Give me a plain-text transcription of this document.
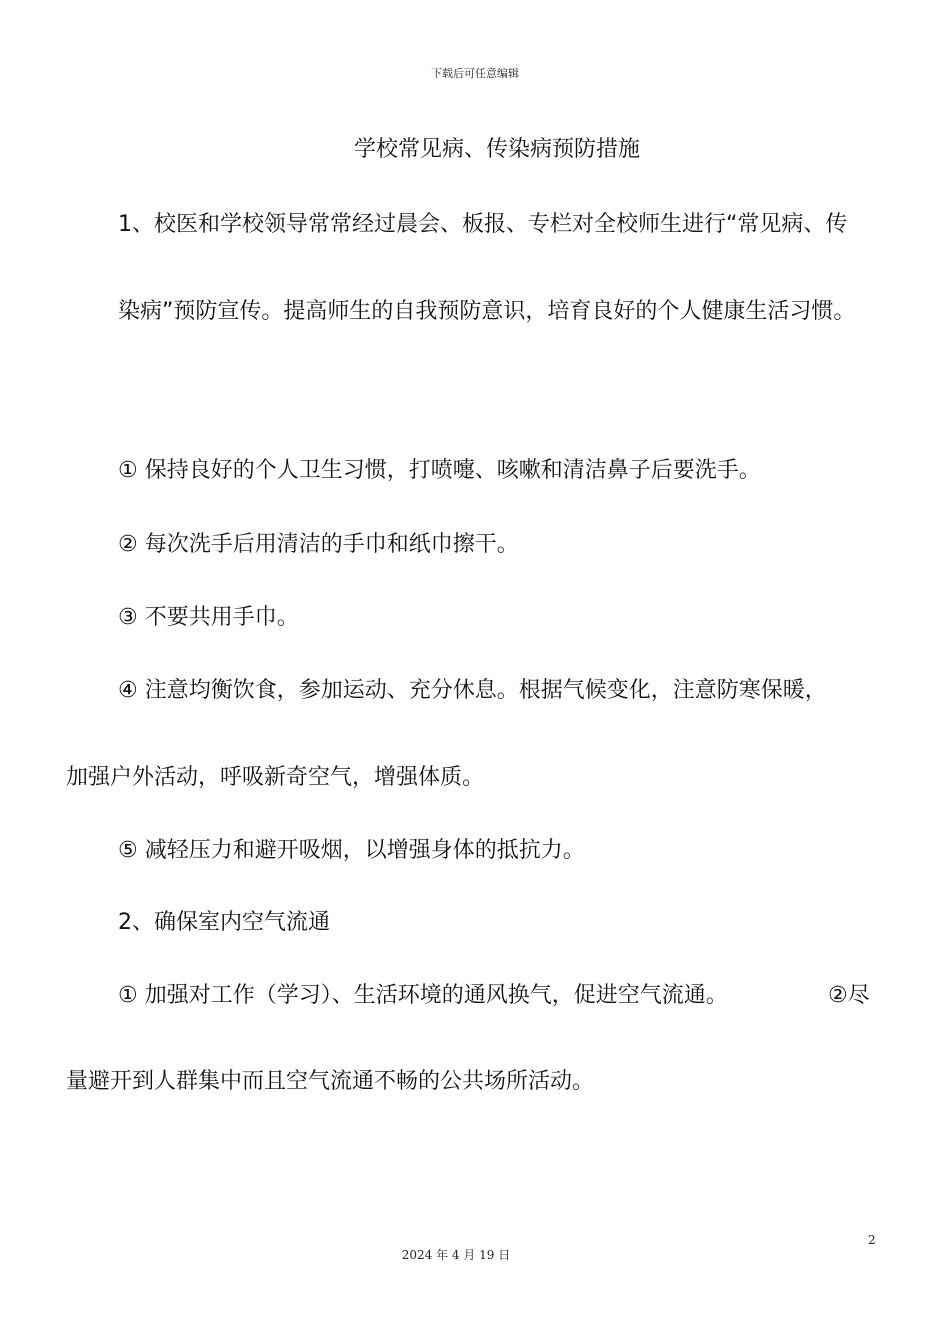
下载后可任意编辑
学校常见病、传染病预防措施
1、校医和学校领导常常经过晨会、板报、专栏对全校师生进行“常见病、传
染病”预防宣传。提高师生的自我预防意识，培育良好的个人健康生活习惯。
① 保持良好的个人卫生习惯，打喷嚏、咳嗽和清洁鼻子后要洗手。
② 每次洗手后用清洁的手巾和纸巾擦干。
③ 不要共用手巾。
④ 注意均衡饮食，参加运动、充分休息。根据气候变化，注意防寒保暖，
加强户外活动，呼吸新奇空气，增强体质。
⑤ 减轻压力和避开吸烟，以增强身体的抵抗力。
2、确保室内空气流通
① 加强对工作（学习）、生活环境的通风换气，促进空气流通。	②尽
量避开到人群集中而且空气流通不畅的公共场所活动。
2
2024 年 4 月 19 日
